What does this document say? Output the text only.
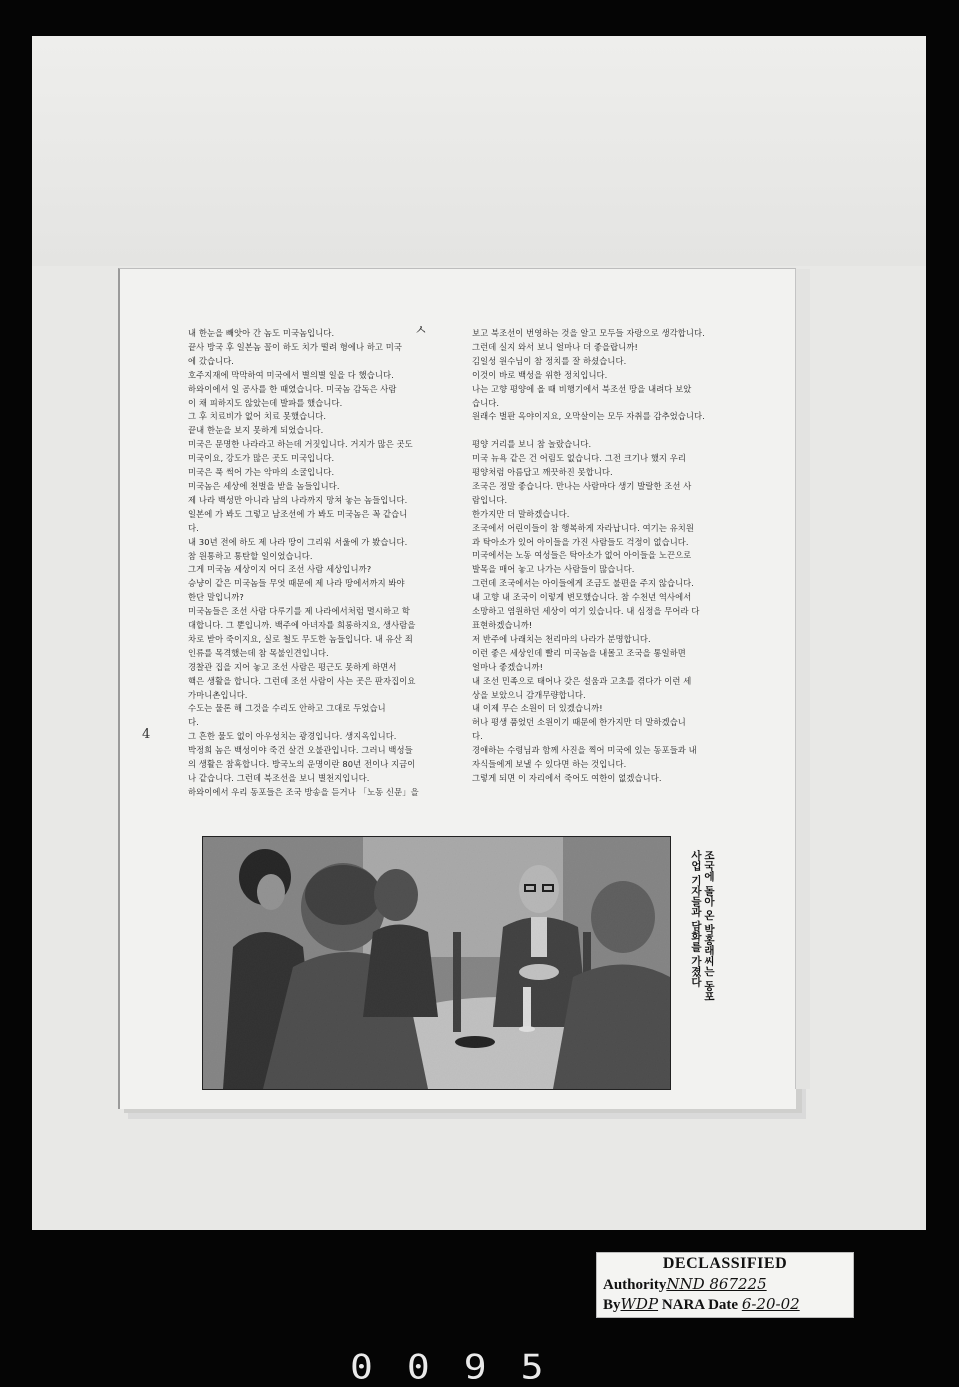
내 한눈을 빼앗아 간 놈도 미국놈입니다.

끝사 방국 후 일본놈 꼴이 하도 치가 떨려 형에나 하고 미국

에 갔습니다.

호주지재에 막막하여 미국에서 별의별 일을 다 했습니다.

하와이에서 일 공사를 한 때였습니다. 미국놈 감독은 사람

이 채 피하지도 않았는데 발파를 했습니다.

그 후 치료비가 없어 치료 못했습니다.

끝내 한눈을 보지 못하게 되었습니다.

미국은 문명한 나라라고 하는데 거짓입니다. 거지가 많은 곳도

미국이요, 강도가 많은 곳도 미국입니다.

미국은 푹 썩어 가는 악마의 소굴입니다.

미국놈은 세상에 천벌을 받을 놈들입니다.

제 나라 백성만 아니라 남의 나라까지 망쳐 놓는 놈들입니다.

일본에 가 봐도 그렇고 남조선에 가 봐도 미국놈은 꼭 같습니

다.

내 30년 전에 하도 제 나라 땅이 그리워 서울에 가 봤습니다.

참 원통하고 통탄할 일이었습니다.

그게 미국놈 세상이지 어디 조선 사람 세상입니까?

승냥이 같은 미국놈들 무엇 때문에 제 나라 땅에서까지 봐야

한단 말입니까?

미국놈들은 조선 사람 다루기를 제 나라에서처럼 멸시하고 학

대합니다. 그 뿐입니까. 백주에 아녀자를 희롱하지요, 생사람을

차로 받아 죽이지요, 실로 철도 무도한 놈들입니다. 내 유산 죄

인류를 목격했는데 참 목불인견입니다.

경찰관 집을 지어 놓고 조선 사람은 평근도 못하게 하면서

핵은 생활을 합니다. 그런데 조선 사람이 사는 곳은 판자집이요

가마니촌입니다.

수도는 물론 해 그것을 수리도 안하고 그대로 두었습니

다.

그 흔한 물도 없이 아우성치는 광경입니다. 생지옥입니다.

박정희 놈은 백성이야 죽건 살건 오불관입니다. 그러니 백성들

의 생활은 참혹합니다. 방국노의 운명이란 80년 전이나 지금이

나 같습니다. 그런데 북조선을 보니 별천지입니다.

하와이에서 우리 동포들은 조국 방송을 듣거나 「노동 신문」을

보고 북조선이 번영하는 것을 알고 모두들 자랑으로 생각합니다.

그런데 실지 와서 보니 얼마나 더 좋을랍니까!

김일성 원수님이 참 정치를 잘 하셨습니다.

이것이 바로 백성을 위한 정치입니다.

나는 고향 평양에 올 때 비행기에서 북조선 땅을 내려다 보았

습니다.

원래수 벌판 옥야이지요, 오막살이는 모두 자취를 감추었습니다.

평양 거리를 보니 참 놀랐습니다.

미국 뉴욕 같은 건 어림도 없습니다. 그전 크기나 했지 우리

평양처럼 아름답고 깨끗하진 못합니다.

조국은 정말 좋습니다. 만나는 사람마다 생기 발랄한 조선 사

람입니다.

한가지만 더 말하겠습니다.

조국에서 어린이들이 참 행복하게 자라납니다. 여기는 유치원

과 탁아소가 있어 아이들을 가진 사람들도 걱정이 없습니다.

미국에서는 노동 여성들은 탁아소가 없어 아이들을 노끈으로

발목을 매어 놓고 나가는 사람들이 많습니다.

그런데 조국에서는 아이들에게 조금도 불편을 주지 않습니다.

내 고향 내 조국이 이렇게 변모했습니다. 참 수천년 역사에서

소망하고 염원하던 세상이 여기 있습니다. 내 심정을 무어라 다

표현하겠습니까!

저 반주에 나래치는 천리마의 나라가 분명합니다.

이런 좋은 세상인데 빨리 미국놈을 내몰고 조국을 통일하면

얼마나 좋겠습니까!

내 조선 민족으로 태어나 갖은 설움과 고초를 겪다가 이런 세

상을 보았으니 감개무량합니다.

내 이제 무슨 소원이 더 있겠습니까!

허나 평생 품었던 소원이기 때문에 한가지만 더 말하겠습니

다.

경애하는 수령님과 함께 사진을 찍어 미국에 있는 동포들과 내

자식들에게 보낼 수 있다면 하는 것입니다.

그렇게 되면 이 자리에서 죽어도 여한이 없겠습니다.

ㅅ
4
조국에 돌아 온 박홍래씨는 동포
사업 기자들과 담화를 가졌다
DECLASSIFIED
AuthorityNND 867225
ByWDP NARA Date 6-20-02
0095
